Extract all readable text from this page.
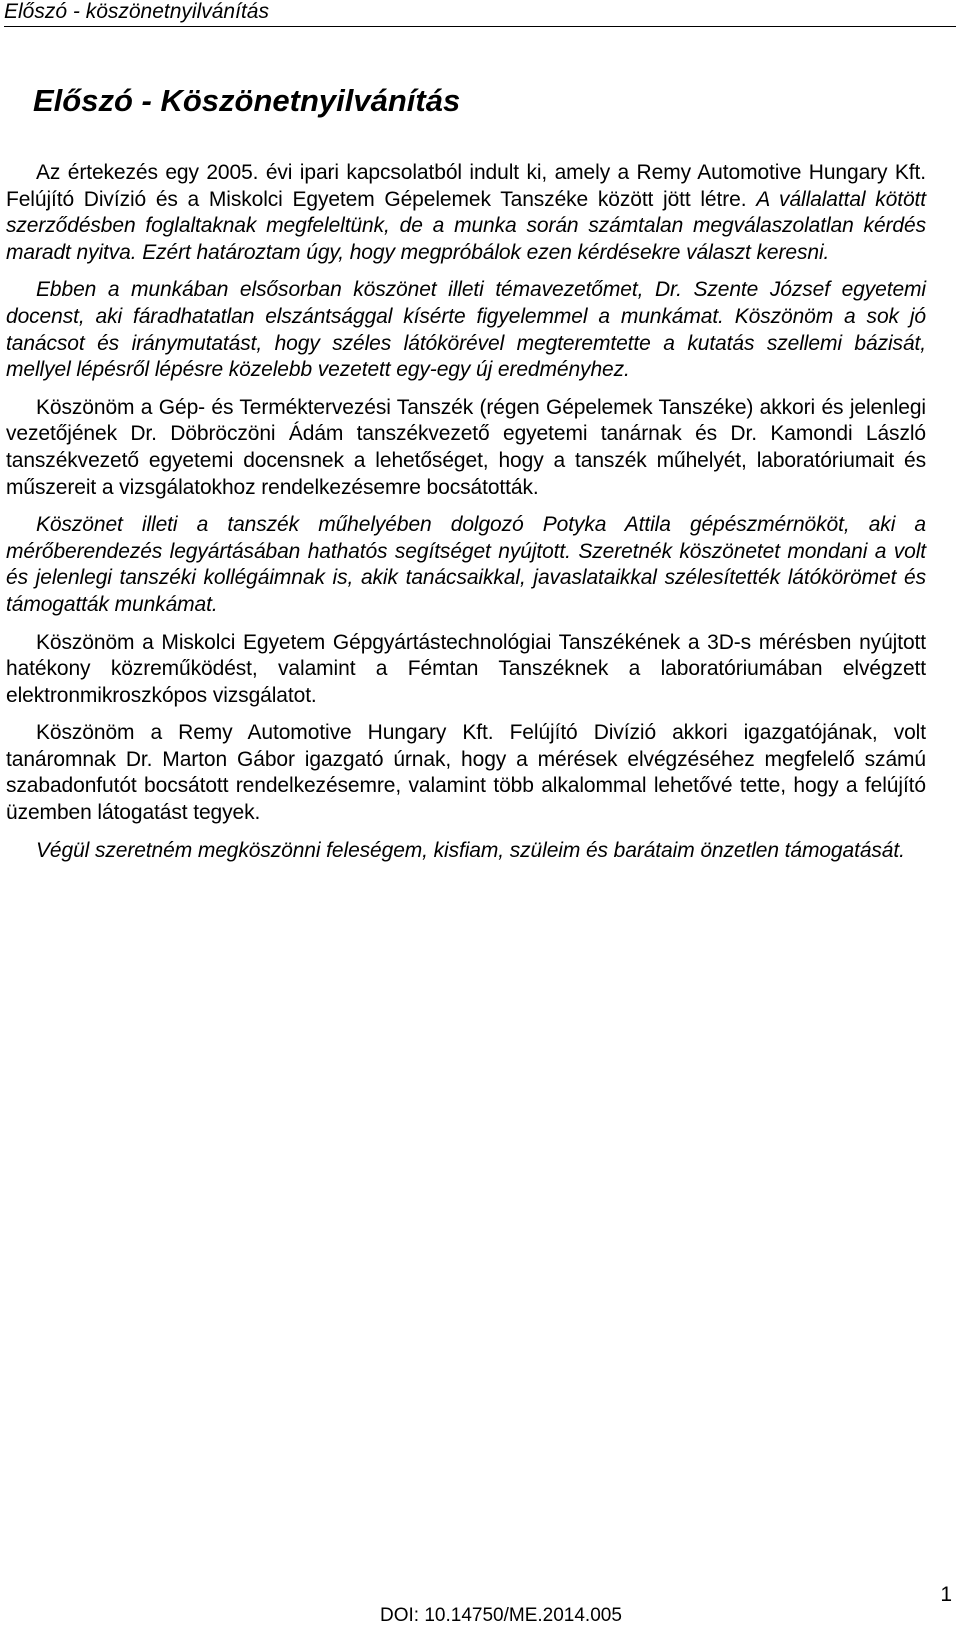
Előszó - köszönetnyilvánítás
Előszó - Köszönetnyilvánítás

Az értekezés egy 2005. évi ipari kapcsolatból indult ki, amely a Remy Automotive Hungary Kft. Felújító Divízió és a Miskolci Egyetem Gépelemek Tanszéke között jött létre. A vállalattal kötött szerződésben foglaltaknak megfeleltünk, de a munka során számtalan megválaszolatlan kérdés maradt nyitva. Ezért határoztam úgy, hogy megpróbálok ezen kérdésekre választ keresni.

Ebben a munkában elsősorban köszönet illeti témavezetőmet, Dr. Szente József egyetemi docenst, aki fáradhatatlan elszántsággal kísérte figyelemmel a munkámat. Köszönöm a sok jó tanácsot és iránymutatást, hogy széles látókörével megteremtette a kutatás szellemi bázisát, mellyel lépésről lépésre közelebb vezetett egy-egy új eredményhez.

Köszönöm a Gép- és Terméktervezési Tanszék (régen Gépelemek Tanszéke) akkori és jelenlegi vezetőjének Dr. Döbröczöni Ádám tanszékvezető egyetemi tanárnak és Dr. Kamondi László tanszékvezető egyetemi docensnek a lehetőséget, hogy a tanszék műhelyét, laboratóriumait és műszereit a vizsgálatokhoz rendelkezésemre bocsátották.

Köszönet illeti a tanszék műhelyében dolgozó Potyka Attila gépészmérnököt, aki a mérőberendezés legyártásában hathatós segítséget nyújtott. Szeretnék köszönetet mondani a volt és jelenlegi tanszéki kollégáimnak is, akik tanácsaikkal, javaslataikkal szélesítették látókörömet és támogatták munkámat.

Köszönöm a Miskolci Egyetem Gépgyártástechnológiai Tanszékének a 3D-s mérésben nyújtott hatékony közreműködést, valamint a Fémtan Tanszéknek a laboratóriumában elvégzett elektronmikroszkópos vizsgálatot.

Köszönöm a Remy Automotive Hungary Kft. Felújító Divízió akkori igazgatójának, volt tanáromnak Dr. Marton Gábor igazgató úrnak, hogy a mérések elvégzéséhez megfelelő számú szabadonfutót bocsátott rendelkezésemre, valamint több alkalommal lehetővé tette, hogy a felújító üzemben látogatást tegyek.

Végül szeretném megköszönni feleségem, kisfiam, szüleim és barátaim önzetlen támogatását.

1
DOI: 10.14750/ME.2014.005
